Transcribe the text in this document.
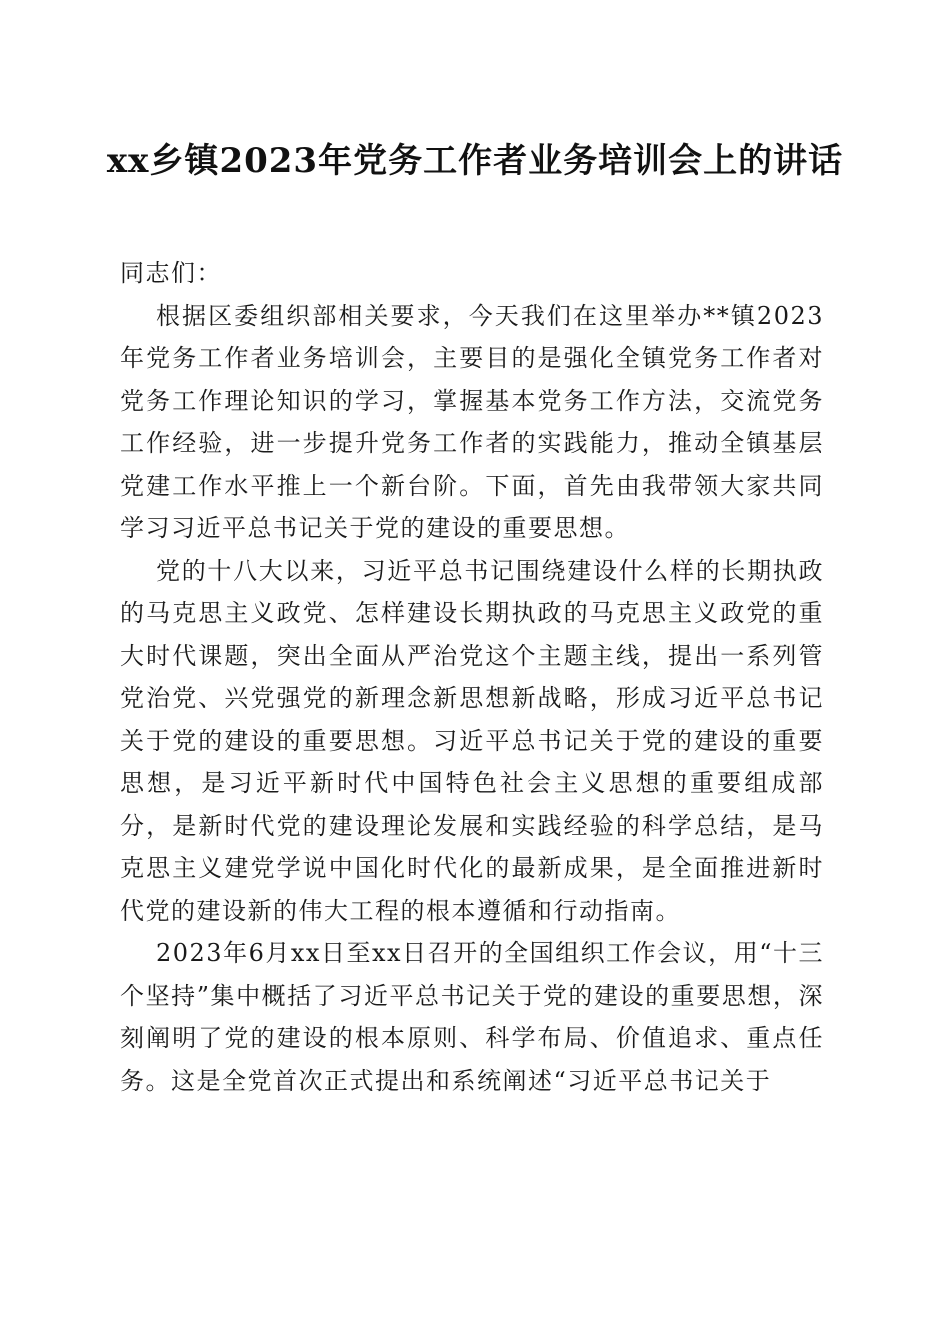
xx乡镇2023年党务工作者业务培训会上的讲话

同志们：

根据区委组织部相关要求，今天我们在这里举办**镇2023年党务工作者业务培训会，主要目的是强化全镇党务工作者对党务工作理论知识的学习，掌握基本党务工作方法，交流党务工作经验，进一步提升党务工作者的实践能力，推动全镇基层党建工作水平推上一个新台阶。下面，首先由我带领大家共同学习习近平总书记关于党的建设的重要思想。

党的十八大以来，习近平总书记围绕建设什么样的长期执政的马克思主义政党、怎样建设长期执政的马克思主义政党的重大时代课题，突出全面从严治党这个主题主线，提出一系列管党治党、兴党强党的新理念新思想新战略，形成习近平总书记关于党的建设的重要思想。习近平总书记关于党的建设的重要思想，是习近平新时代中国特色社会主义思想的重要组成部分，是新时代党的建设理论发展和实践经验的科学总结，是马克思主义建党学说中国化时代化的最新成果，是全面推进新时代党的建设新的伟大工程的根本遵循和行动指南。

2023年6月xx日至xx日召开的全国组织工作会议，用“十三个坚持”集中概括了习近平总书记关于党的建设的重要思想，深刻阐明了党的建设的根本原则、科学布局、价值追求、重点任务。这是全党首次正式提出和系统阐述“习近平总书记关于
